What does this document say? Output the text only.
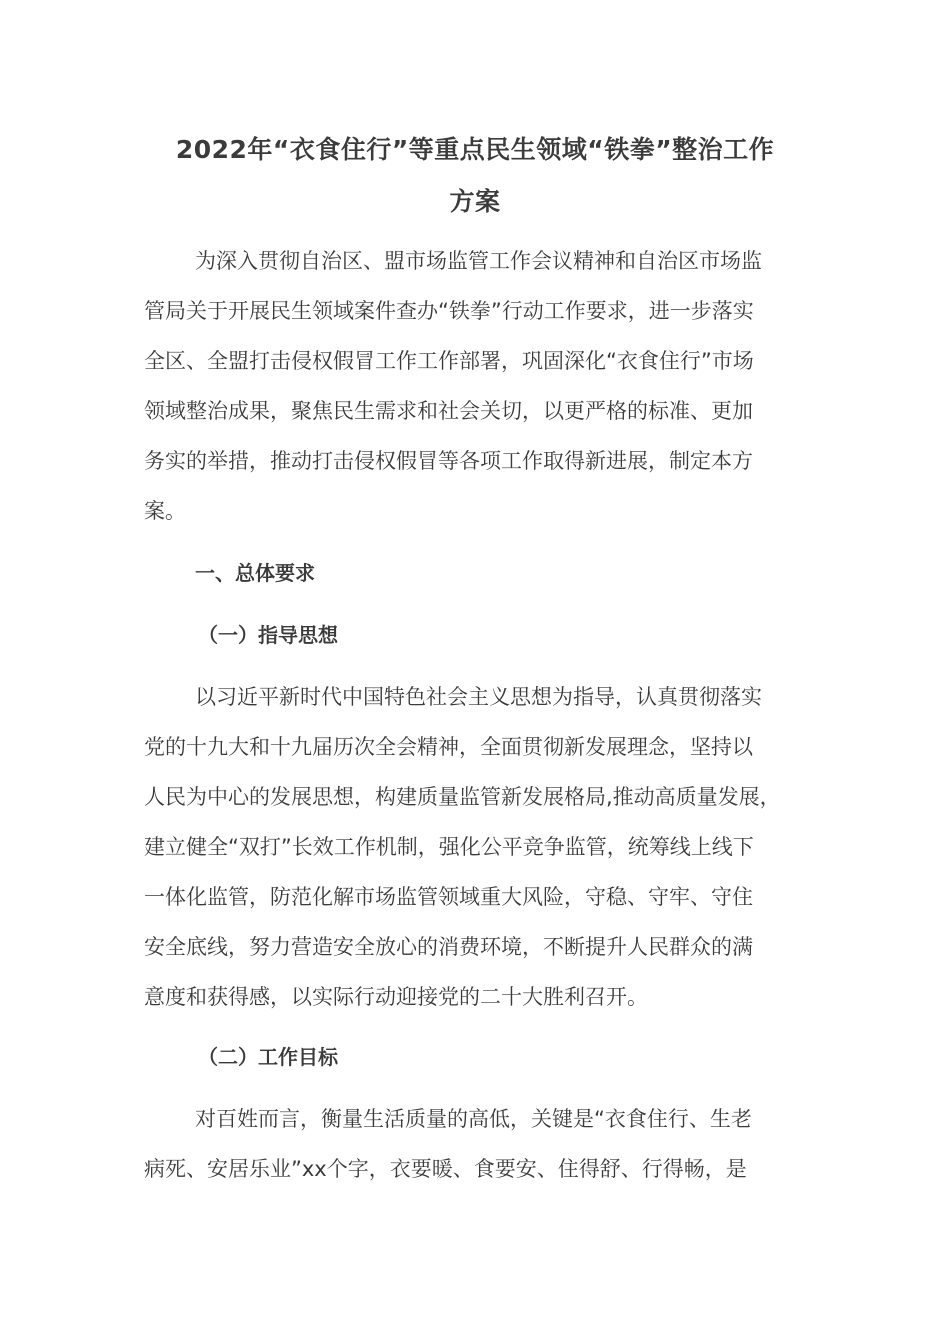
2022年“衣食住行”等重点民生领域“铁拳”整治工作
方案
为深入贯彻自治区、盟市场监管工作会议精神和自治区市场监
管局关于开展民生领域案件查办“铁拳”行动工作要求，进一步落实
全区、全盟打击侵权假冒工作工作部署，巩固深化“衣食住行”市场
领域整治成果，聚焦民生需求和社会关切，以更严格的标准、更加
务实的举措，推动打击侵权假冒等各项工作取得新进展，制定本方
案。
一、总体要求
（一）指导思想
以习近平新时代中国特色社会主义思想为指导，认真贯彻落实
党的十九大和十九届历次全会精神，全面贯彻新发展理念，坚持以
人民为中心的发展思想，构建质量监管新发展格局,推动高质量发展，
建立健全“双打”长效工作机制，强化公平竞争监管，统筹线上线下
一体化监管，防范化解市场监管领域重大风险，守稳、守牢、守住
安全底线，努力营造安全放心的消费环境，不断提升人民群众的满
意度和获得感，以实际行动迎接党的二十大胜利召开。
（二）工作目标
对百姓而言，衡量生活质量的高低，关键是“衣食住行、生老
病死、安居乐业”xx个字，衣要暖、食要安、住得舒、行得畅，是
